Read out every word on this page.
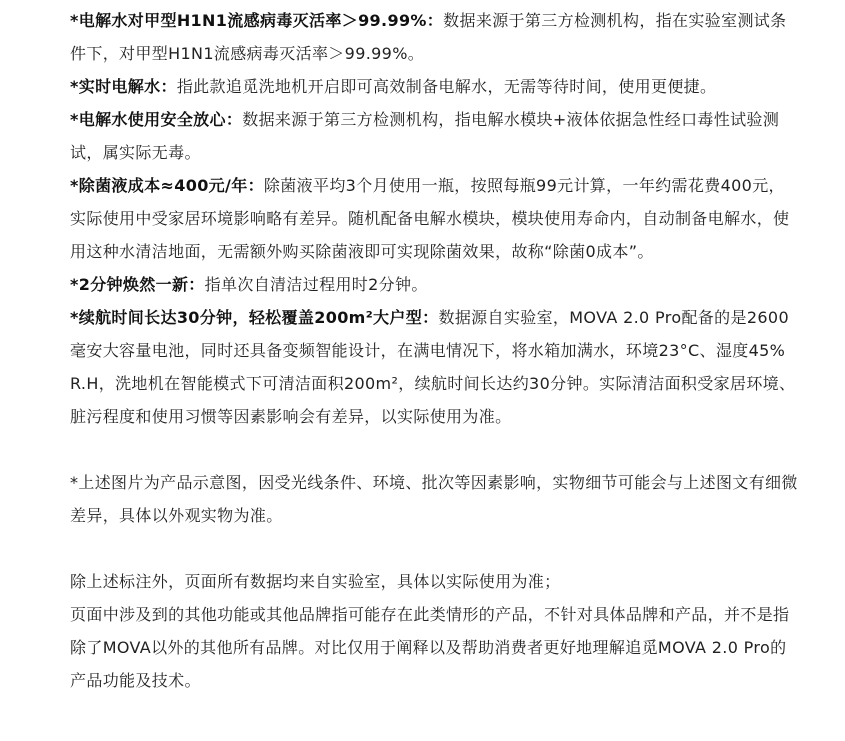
*电解水对甲型H1N1流感病毒灭活率＞99.99%：数据来源于第三方检测机构，指在实验室测试条件下，对甲型H1N1流感病毒灭活率＞99.99%。

*实时电解水：指此款追觅洗地机开启即可高效制备电解水，无需等待时间，使用更便捷。

*电解水使用安全放心：数据来源于第三方检测机构，指电解水模块+液体依据急性经口毒性试验测试，属实际无毒。

*除菌液成本≈400元/年：除菌液平均3个月使用一瓶，按照每瓶99元计算，一年约需花费400元，实际使用中受家居环境影响略有差异。随机配备电解水模块，模块使用寿命内，自动制备电解水，使用这种水清洁地面，无需额外购买除菌液即可实现除菌效果，故称“除菌0成本”。

*2分钟焕然一新：指单次自清洁过程用时2分钟。

*续航时间长达30分钟，轻松覆盖200m²大户型：数据源自实验室，MOVA 2.0 Pro配备的是2600毫安大容量电池，同时还具备变频智能设计，在满电情况下，将水箱加满水，环境23°C、湿度45%R.H，洗地机在智能模式下可清洁面积200m²，续航时间长达约30分钟。实际清洁面积受家居环境、脏污程度和使用习惯等因素影响会有差异，以实际使用为准。

*上述图片为产品示意图，因受光线条件、环境、批次等因素影响，实物细节可能会与上述图文有细微差异，具体以外观实物为准。

除上述标注外，页面所有数据均来自实验室，具体以实际使用为准；

页面中涉及到的其他功能或其他品牌指可能存在此类情形的产品，不针对具体品牌和产品，并不是指除了MOVA以外的其他所有品牌。对比仅用于阐释以及帮助消费者更好地理解追觅MOVA 2.0 Pro的产品功能及技术。
